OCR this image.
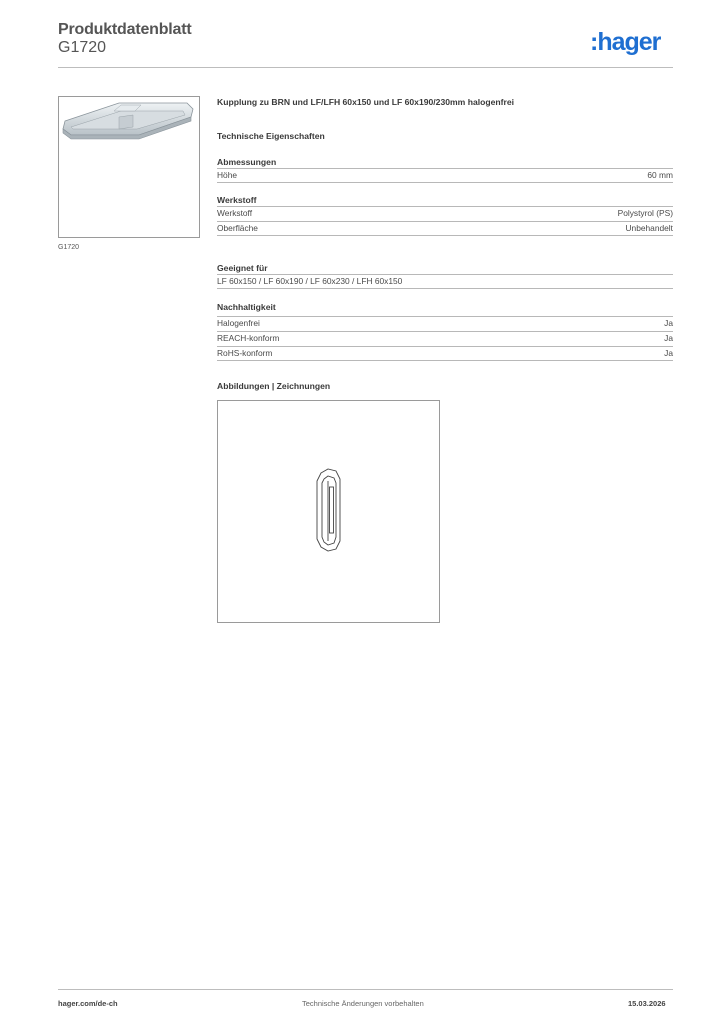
Produktdatenblatt
G1720	:hager
G1720
Kupplung zu BRN und LF/LFH 60x150 und LF 60x190/230mm halogenfrei
Technische Eigenschaften
Abmessungen
Höhe	60 mm
Werkstoff
Werkstoff	Polystyrol (PS)
Oberfläche	Unbehandelt
Geeignet für
LF 60x150 / LF 60x190 / LF 60x230 / LFH 60x150
Nachhaltigkeit
Halogenfrei	Ja
REACH-konform	Ja
RoHS-konform	Ja
Abbildungen | Zeichnungen
hager.com/de-ch	Technische Änderungen vorbehalten	15.03.2026
